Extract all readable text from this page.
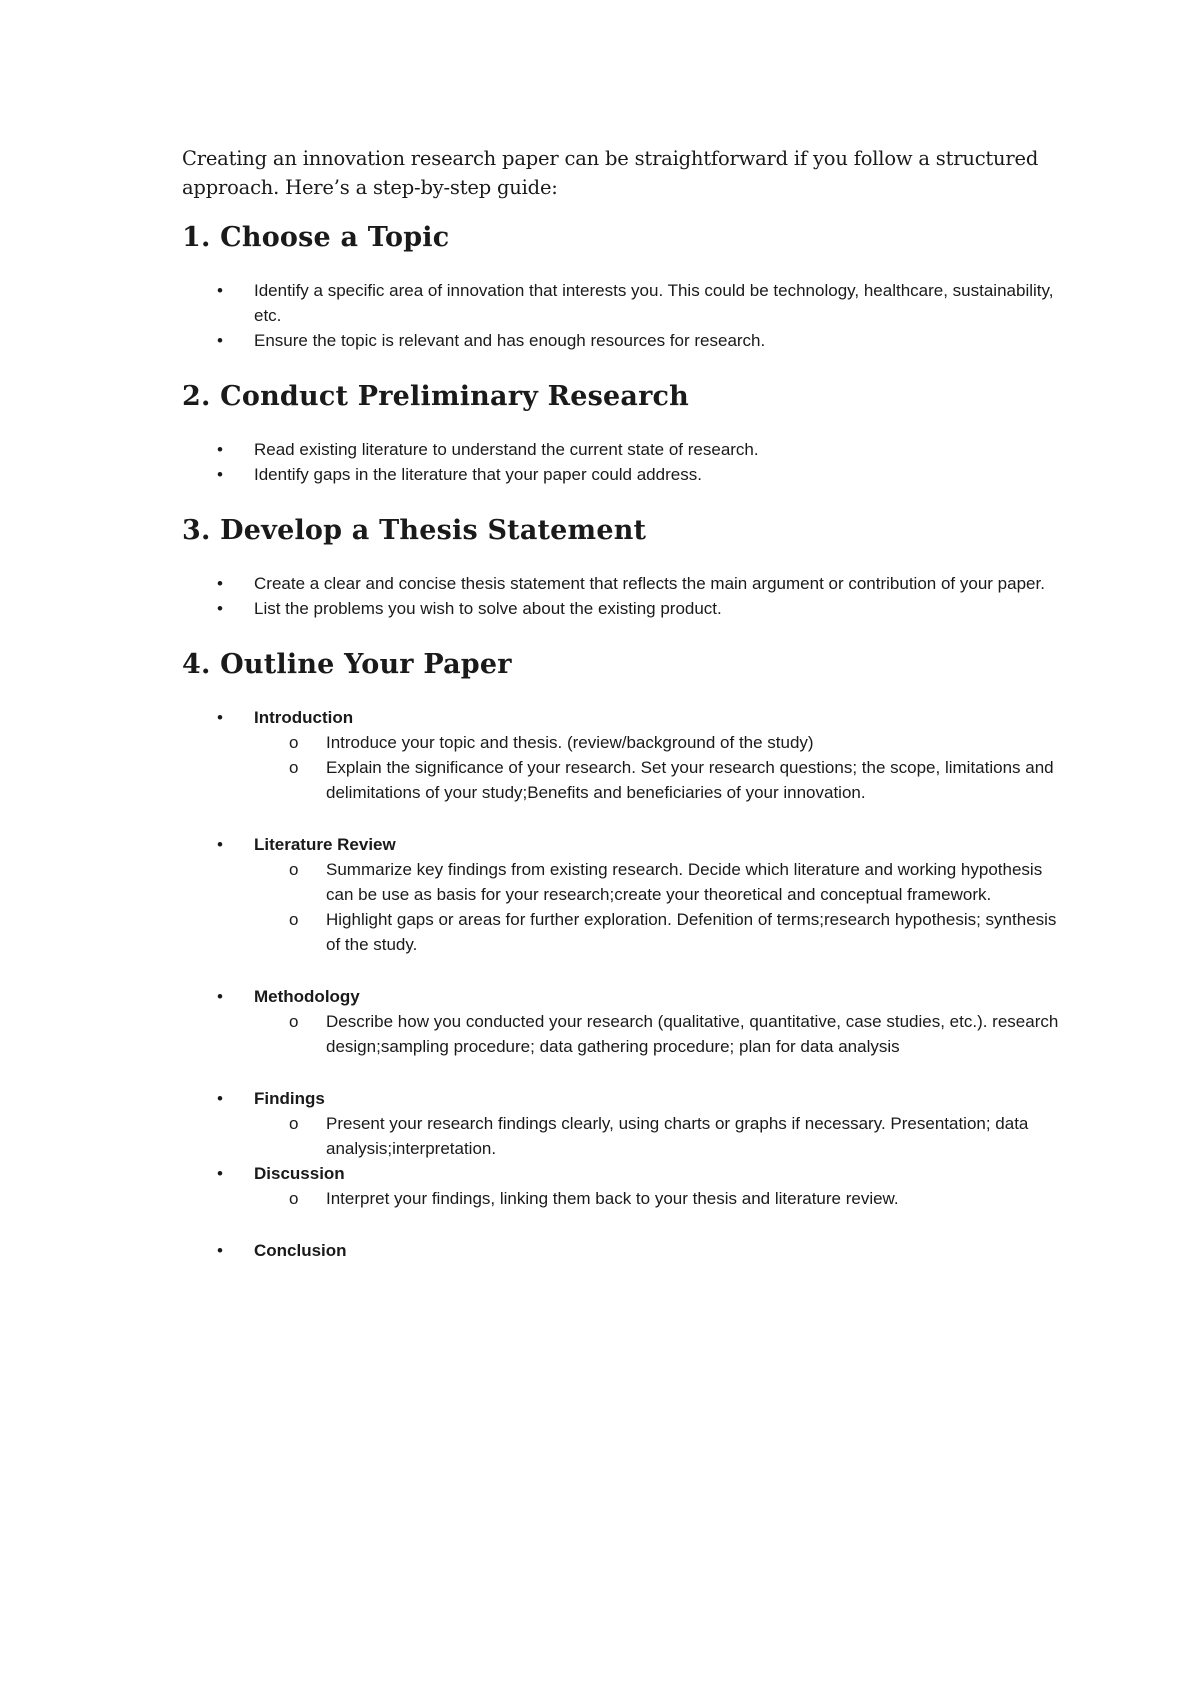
Creating an innovation research paper can be straightforward if you follow a structured approach. Here’s a step-by-step guide:

1. Choose a Topic
• Identify a specific area of innovation that interests you. This could be technology, healthcare, sustainability, etc.
• Ensure the topic is relevant and has enough resources for research.
2. Conduct Preliminary Research
• Read existing literature to understand the current state of research.
• Identify gaps in the literature that your paper could address.
3. Develop a Thesis Statement
• Create a clear and concise thesis statement that reflects the main argument or contribution of your paper.
• List the problems you wish to solve about the existing product.
4. Outline Your Paper
• Introduction
o	Introduce your topic and thesis. (review/background of the study)
o	Explain the significance of your research. Set your research questions; the scope, limitations and delimitations of your study;Benefits and beneficiaries of your innovation.
• Literature Review
o	Summarize key findings from existing research. Decide which literature and working hypothesis can be use as basis for your research;create your theoretical and conceptual framework.
o	Highlight gaps or areas for further exploration. Defenition of terms;research hypothesis; synthesis of the study.
• Methodology
o	Describe how you conducted your research (qualitative, quantitative, case studies, etc.). research design;sampling procedure; data gathering procedure; plan for data analysis
• Findings
o	Present your research findings clearly, using charts or graphs if necessary. Presentation; data analysis;interpretation.
• Discussion
o	Interpret your findings, linking them back to your thesis and literature review.
• Conclusion
